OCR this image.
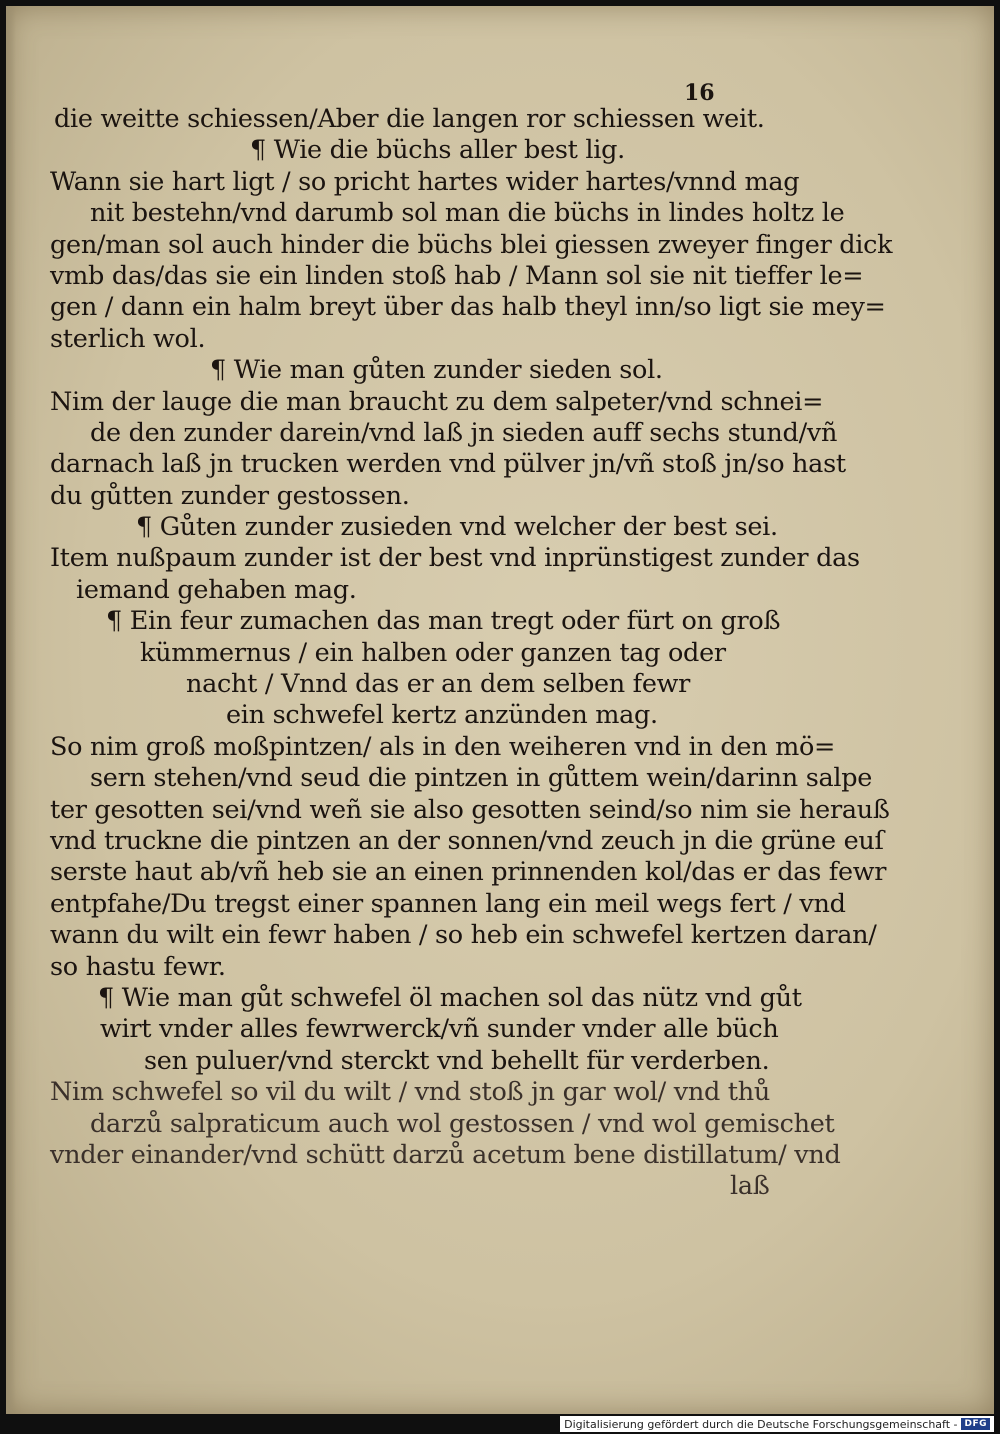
16
die weitte schiessen/Aber die langen ror schiessen weit.
¶ Wie die büchs aller best lig.
Wann sie hart ligt / so pricht hartes wider hartes/vnnd mag
nit bestehn/vnd darumb sol man die büchs in lindes holtz le
gen/man sol auch hinder die büchs blei giessen zweyer finger dick
vmb das/das sie ein linden stoß hab / Mann sol sie nit tieffer le=
gen / dann ein halm breyt über das halb theyl inn/so ligt sie mey=
sterlich wol.
¶ Wie man gůten zunder sieden sol.
Nim der lauge die man braucht zu dem salpeter/vnd schnei=
de den zunder darein/vnd laß jn sieden auff sechs stund/vñ
darnach laß jn trucken werden vnd pülver jn/vñ stoß jn/so hast
du gůtten zunder gestossen.
¶ Gůten zunder zusieden vnd welcher der best sei.
Item nußpaum zunder ist der best vnd inprünstigest zunder das
iemand gehaben mag.
¶ Ein feur zumachen das man tregt oder fürt on groß
kümmernus / ein halben oder ganzen tag oder
nacht / Vnnd das er an dem selben fewr
ein schwefel kertz anzünden mag.
So nim groß moßpintzen/ als in den weiheren vnd in den mö=
sern stehen/vnd seud die pintzen in gůttem wein/darinn salpe
ter gesotten sei/vnd weñ sie also gesotten seind/so nim sie herauß
vnd truckne die pintzen an der sonnen/vnd zeuch jn die grüne euſ
serste haut ab/vñ heb sie an einen prinnenden kol/das er das fewr
entpfahe/Du tregst einer spannen lang ein meil wegs fert / vnd
wann du wilt ein fewr haben / so heb ein schwefel kertzen daran/
so hastu fewr.
¶ Wie man gůt schwefel öl machen sol das nütz vnd gůt
wirt vnder alles fewrwerck/vñ sunder vnder alle büch
sen puluer/vnd sterckt vnd behellt für verderben.
Nim schwefel so vil du wilt / vnd stoß jn gar wol/ vnd thů
darzů salpraticum auch wol gestossen / vnd wol gemischet
vnder einander/vnd schütt darzů acetum bene distillatum/ vnd
laß
Digitalisierung gefördert durch die Deutsche Forschungsgemeinschaft - DFG
